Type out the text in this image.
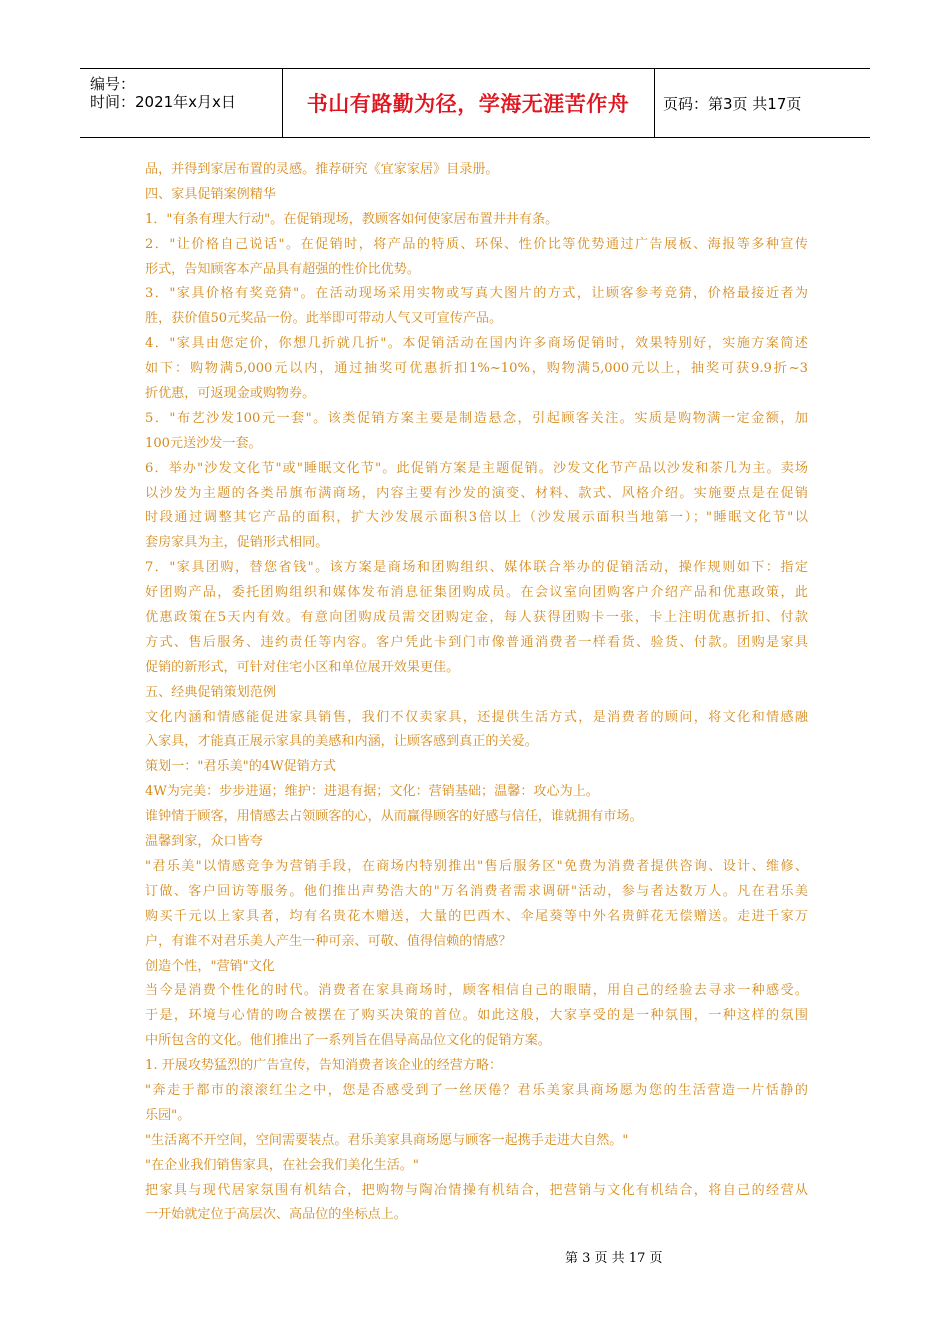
编号：
时间：2021年x月x日	书山有路勤为径，学海无涯苦作舟	页码：第3页 共17页
品，并得到家居布置的灵感。推荐研究《宜家家居》目录册。
四、家具促销案例精华
1．"有条有理大行动"。在促销现场，教顾客如何使家居布置井井有条。
2．"让价格自己说话"。在促销时，将产品的特质、环保、性价比等优势通过广告展板、海报等多种宣传
形式，告知顾客本产品具有超强的性价比优势。
3．"家具价格有奖竞猜"。在活动现场采用实物或写真大图片的方式，让顾客参考竞猜，价格最接近者为
胜，获价值50元奖品一份。此举即可带动人气又可宣传产品。
4．"家具由您定价，你想几折就几折"。本促销活动在国内许多商场促销时，效果特别好，实施方案简述
如下：购物满5,000元以内，通过抽奖可优惠折扣1%~10%，购物满5,000元以上，抽奖可获9.9折~3
折优惠，可返现金或购物券。
5．"布艺沙发100元一套"。该类促销方案主要是制造悬念，引起顾客关注。实质是购物满一定金额，加
100元送沙发一套。
6．举办"沙发文化节"或"睡眠文化节"。此促销方案是主题促销。沙发文化节产品以沙发和茶几为主。卖场
以沙发为主题的各类吊旗布满商场，内容主要有沙发的演变、材料、款式、风格介绍。实施要点是在促销
时段通过调整其它产品的面积，扩大沙发展示面积3倍以上（沙发展示面积当地第一）；"睡眠文化节"以
套房家具为主，促销形式相同。
7．"家具团购，替您省钱"。该方案是商场和团购组织、媒体联合举办的促销活动，操作规则如下：指定
好团购产品，委托团购组织和媒体发布消息征集团购成员。在会议室向团购客户介绍产品和优惠政策，此
优惠政策在5天内有效。有意向团购成员需交团购定金，每人获得团购卡一张，卡上注明优惠折扣、付款
方式、售后服务、违约责任等内容。客户凭此卡到门市像普通消费者一样看货、验货、付款。团购是家具
促销的新形式，可针对住宅小区和单位展开效果更佳。
五、经典促销策划范例
文化内涵和情感能促进家具销售，我们不仅卖家具，还提供生活方式，是消费者的顾问，将文化和情感融
入家具，才能真正展示家具的美感和内涵，让顾客感到真正的关爱。
策划一："君乐美"的4W促销方式
4W为完美：步步进逼；维护：进退有据；文化：营销基础；温馨：攻心为上。
谁钟情于顾客，用情感去占领顾客的心，从而赢得顾客的好感与信任，谁就拥有市场。
温馨到家，众口皆夸
"君乐美"以情感竞争为营销手段，在商场内特别推出"售后服务区"免费为消费者提供咨询、设计、维修、
订做、客户回访等服务。他们推出声势浩大的"万名消费者需求调研"活动，参与者达数万人。凡在君乐美
购买千元以上家具者，均有名贵花木赠送，大量的巴西木、伞尾葵等中外名贵鲜花无偿赠送。走进千家万
户，有谁不对君乐美人产生一种可亲、可敬、值得信赖的情感？
创造个性，"营销"文化
当今是消费个性化的时代。消费者在家具商场时，顾客相信自己的眼睛，用自己的经验去寻求一种感受。
于是，环境与心情的吻合被摆在了购买决策的首位。如此这般，大家享受的是一种氛围，一种这样的氛围
中所包含的文化。他们推出了一系列旨在倡导高品位文化的促销方案。
1. 开展攻势猛烈的广告宣传，告知消费者该企业的经营方略：
"奔走于都市的滚滚红尘之中，您是否感受到了一丝厌倦？君乐美家具商场愿为您的生活营造一片恬静的
乐园"。
"生活离不开空间，空间需要装点。君乐美家具商场愿与顾客一起携手走进大自然。"
"在企业我们销售家具，在社会我们美化生活。"
把家具与现代居家氛围有机结合，把购物与陶冶情操有机结合，把营销与文化有机结合，将自己的经营从
一开始就定位于高层次、高品位的坐标点上。
第 3 页 共 17 页
